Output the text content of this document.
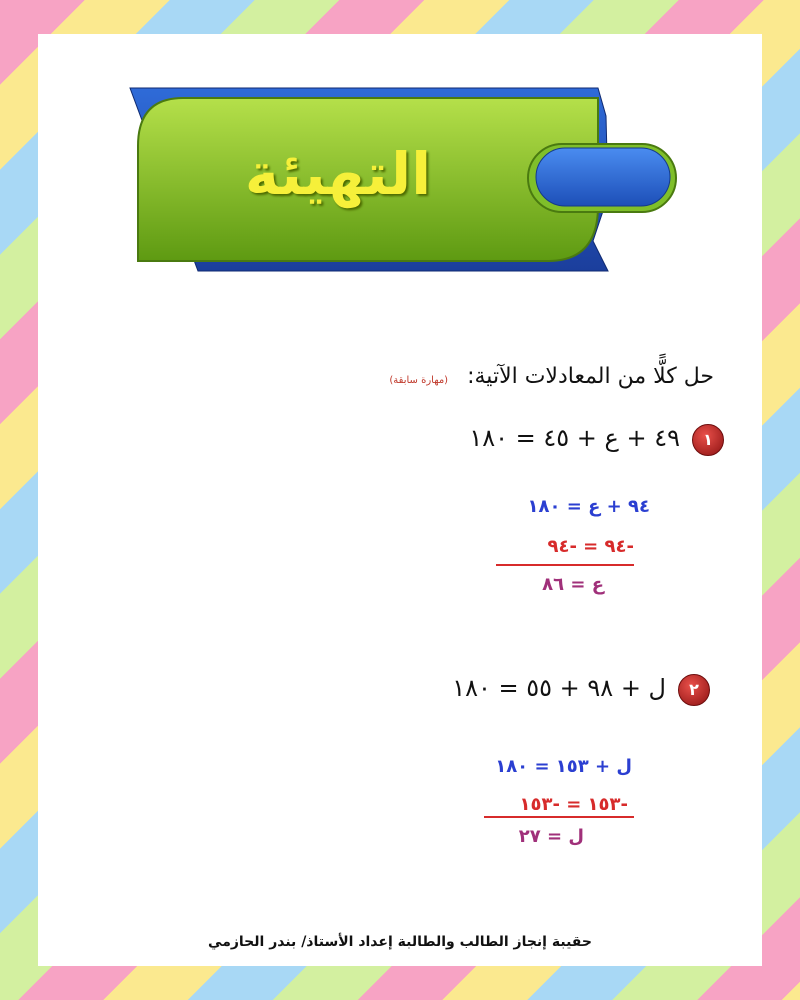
التهيئة
حل كلًّا من المعادلات الآتية: (مهارة سابقة)
١
٤٩ + ع + ٤٥ = ١٨٠
٩٤ + ع = ١٨٠
-٩٤ = -٩٤
ع = ٨٦
٢
ل + ٩٨ + ٥٥ = ١٨٠
ل + ١٥٣ = ١٨٠
-١٥٣ = -١٥٣
ل = ٢٧
حقيبة إنجاز الطالب والطالبة إعداد الأستاذ/ بندر الحازمي
